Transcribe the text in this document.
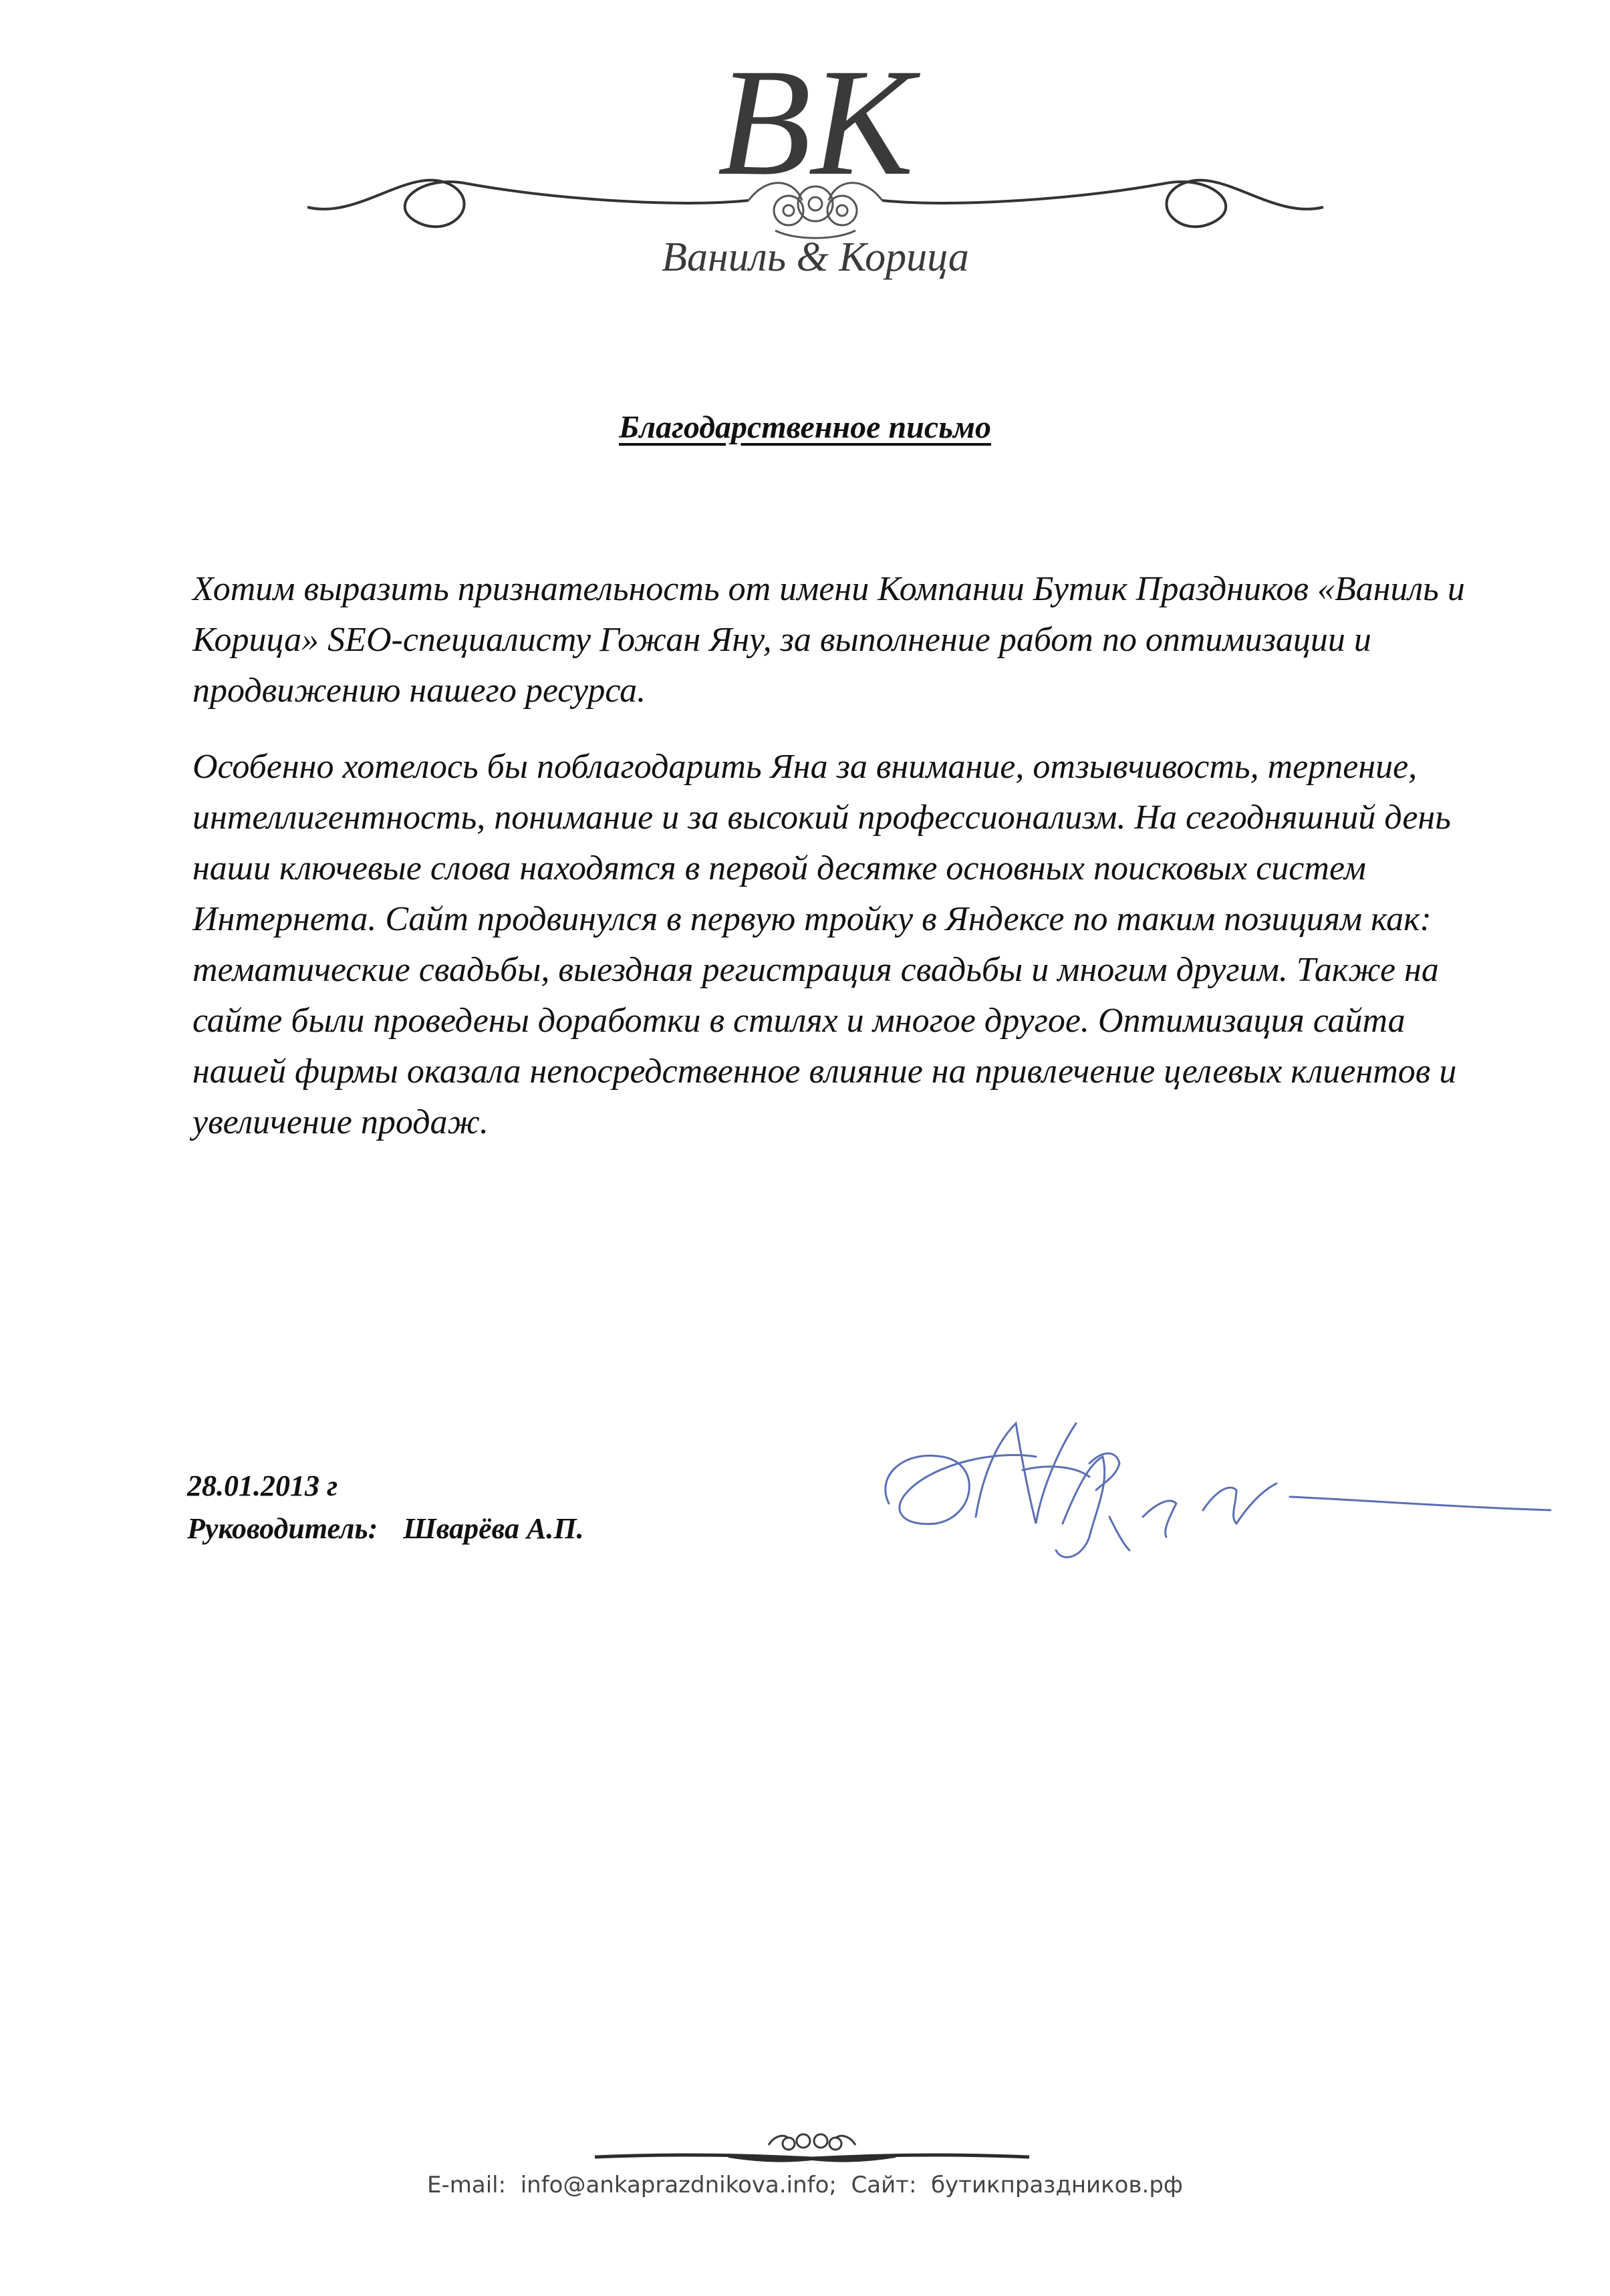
ВК
Ваниль & Корица
Благодарственное письмо
Хотим выразить признательность от имени Компании Бутик Праздников «Ваниль и Корица» SEO-специалисту Гожан Яну, за выполнение работ по оптимизации и продвижению нашего ресурса.
Особенно хотелось бы поблагодарить Яна за внимание, отзывчивость, терпение, интеллигентность, понимание и за высокий профессионализм. На сегодняшний день наши ключевые слова находятся в первой десятке основных поисковых систем Интернета. Сайт продвинулся в первую тройку в Яндексе по таким позициям как: тематические свадьбы, выездная регистрация свадьбы и многим другим. Также на сайте были проведены доработки в стилях и многое другое. Оптимизация сайта нашей фирмы оказала непосредственное влияние на привлечение целевых клиентов и увеличение продаж.
28.01.2013 г
Руководитель: Шварёва А.П.
E-mail: info@ankaprazdnikova.info; Сайт: бутикпраздников.рф
